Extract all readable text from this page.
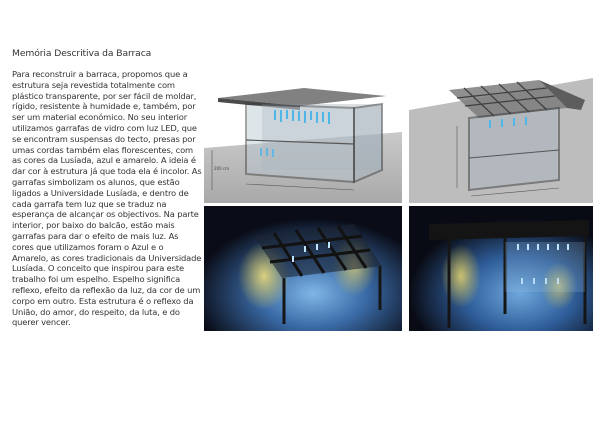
Memória Descritiva da Barraca

Para reconstruir a barraca, propomos que a estrutura seja revestida totalmente com plástico transparente, por ser fácil de moldar, rígido, resistente à humidade e, também, por ser um material económico. No seu interior utilizamos garrafas de vidro com luz LED, que se encontram suspensas do tecto, presas por umas cordas também elas florescentes, com as cores da Lusíada, azul e amarelo. A ideia é dar cor à estrutura já que toda ela é incolor. As garrafas simbolizam os alunos, que estão ligados a Universidade Lusíada, e dentro de cada garrafa tem luz que se traduz na esperança de alcançar os objectivos. Na parte interior, por baixo do balcão, estão mais garrafas para dar o efeito de mais luz. As cores que utilizamos foram o Azul e o Amarelo, as cores tradicionais da Universidade Lusíada. O conceito que inspirou para este trabalho foi um espelho. Espelho significa reflexo, efeito da reflexão da luz, da cor de um corpo em outro. Esta estrutura é o reflexo da União, do amor, do respeito, da luta, e do querer vencer.

200 cm
